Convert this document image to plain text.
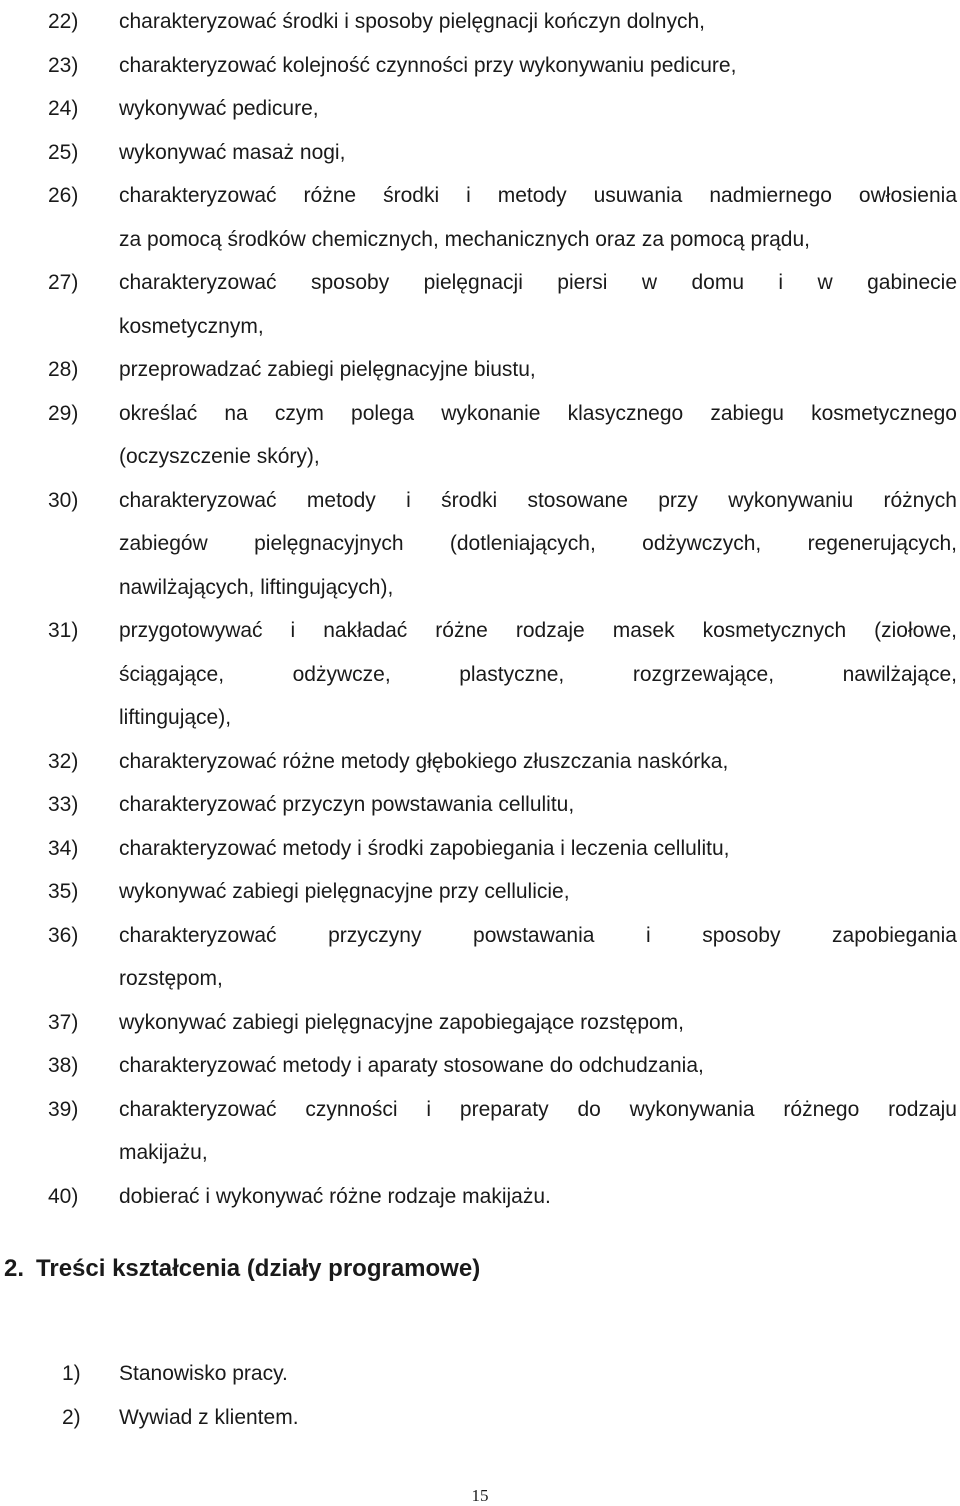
22) charakteryzować środki i sposoby pielęgnacji kończyn dolnych,
23) charakteryzować kolejność czynności przy wykonywaniu pedicure,
24) wykonywać pedicure,
25) wykonywać masaż nogi,
26) charakteryzować różne środki i metody usuwania nadmiernego owłosienia
za pomocą środków chemicznych, mechanicznych oraz za pomocą prądu,
27) charakteryzować sposoby pielęgnacji piersi w domu i w gabinecie
kosmetycznym,
28) przeprowadzać zabiegi pielęgnacyjne biustu,
29) określać na czym polega wykonanie klasycznego zabiegu kosmetycznego
(oczyszczenie skóry),
30) charakteryzować metody i środki stosowane przy wykonywaniu różnych
zabiegów pielęgnacyjnych (dotleniających, odżywczych, regenerujących,
nawilżających, liftingujących),
31) przygotowywać i nakładać różne rodzaje masek kosmetycznych (ziołowe,
ściągające, odżywcze, plastyczne, rozgrzewające, nawilżające,
liftingujące),
32) charakteryzować różne metody głębokiego złuszczania naskórka,
33) charakteryzować przyczyn powstawania cellulitu,
34) charakteryzować metody i środki zapobiegania i leczenia cellulitu,
35) wykonywać zabiegi pielęgnacyjne przy cellulicie,
36) charakteryzować przyczyny powstawania i sposoby zapobiegania
rozstępom,
37) wykonywać zabiegi pielęgnacyjne zapobiegające rozstępom,
38) charakteryzować metody i aparaty stosowane do odchudzania,
39) charakteryzować czynności i preparaty do wykonywania różnego rodzaju
makijażu,
40) dobierać i wykonywać różne rodzaje makijażu.
2. Treści kształcenia (działy programowe)
1) Stanowisko pracy.
2) Wywiad z klientem.
15
